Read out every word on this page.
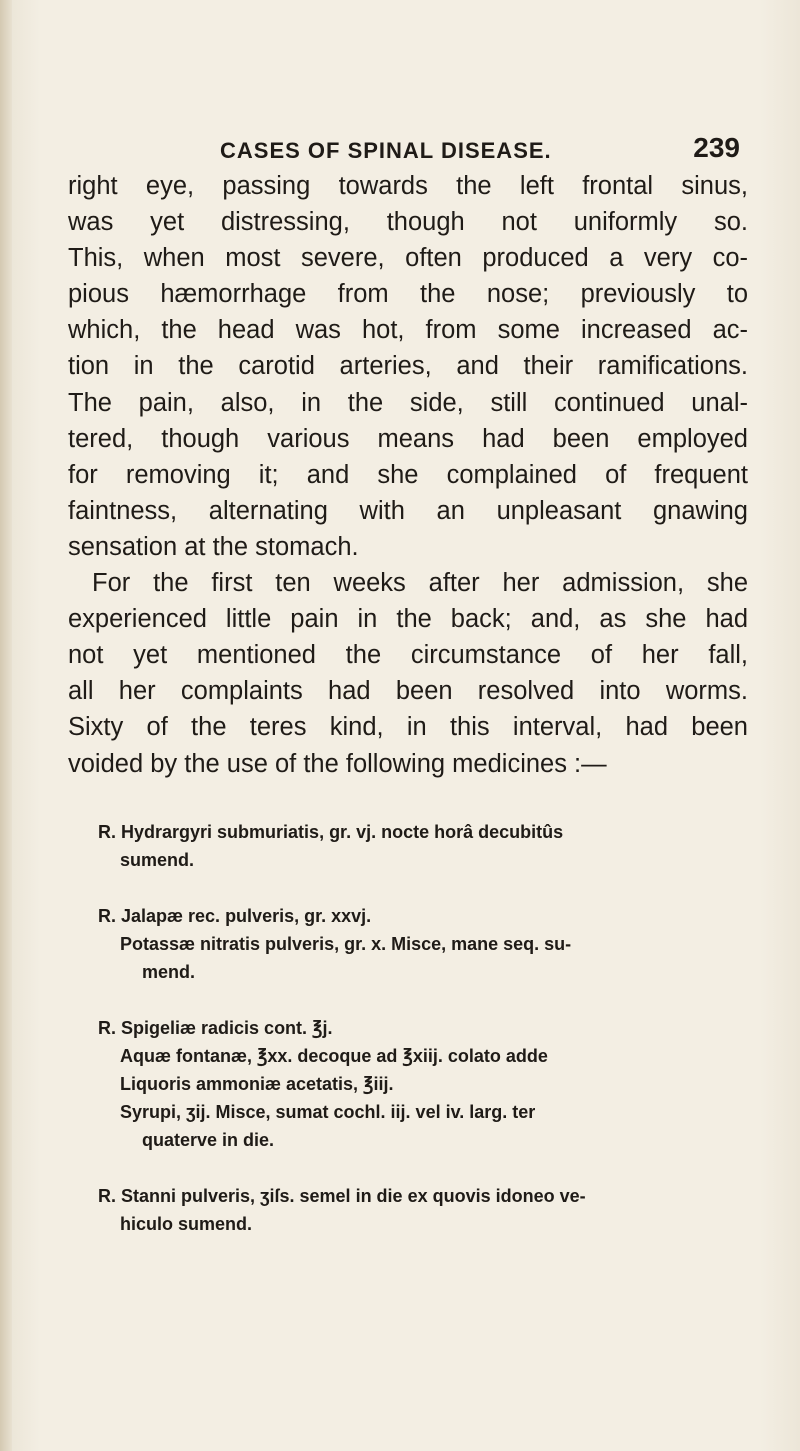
CASES OF SPINAL DISEASE.	239
right eye, passing towards the left frontal sinus,
was yet distressing, though not uniformly so.
This, when most severe, often produced a very co-
pious hæmorrhage from the nose; previously to
which, the head was hot, from some increased ac-
tion in the carotid arteries, and their ramifications.
The pain, also, in the side, still continued unal-
tered, though various means had been employed
for removing it; and she complained of frequent
faintness, alternating with an unpleasant gnawing
sensation at the stomach.
For the first ten weeks after her admission, she
experienced little pain in the back; and, as she had
not yet mentioned the circumstance of her fall,
all her complaints had been resolved into worms.
Sixty of the teres kind, in this interval, had been
voided by the use of the following medicines :—
R. Hydrargyri submuriatis, gr. vj. nocte horâ decubitûs
sumend.
R. Jalapæ rec. pulveris, gr. xxvj.
Potassæ nitratis pulveris, gr. x. Misce, mane seq. su-
mend.
R. Spigeliæ radicis cont. ℥j.
Aquæ fontanæ, ℥xx. decoque ad ℥xiij. colato adde
Liquoris ammoniæ acetatis, ℥iij.
Syrupi, ʒij. Misce, sumat cochl. iij. vel iv. larg. ter
quaterve in die.
R. Stanni pulveris, ʒiſs. semel in die ex quovis idoneo ve-
hiculo sumend.
